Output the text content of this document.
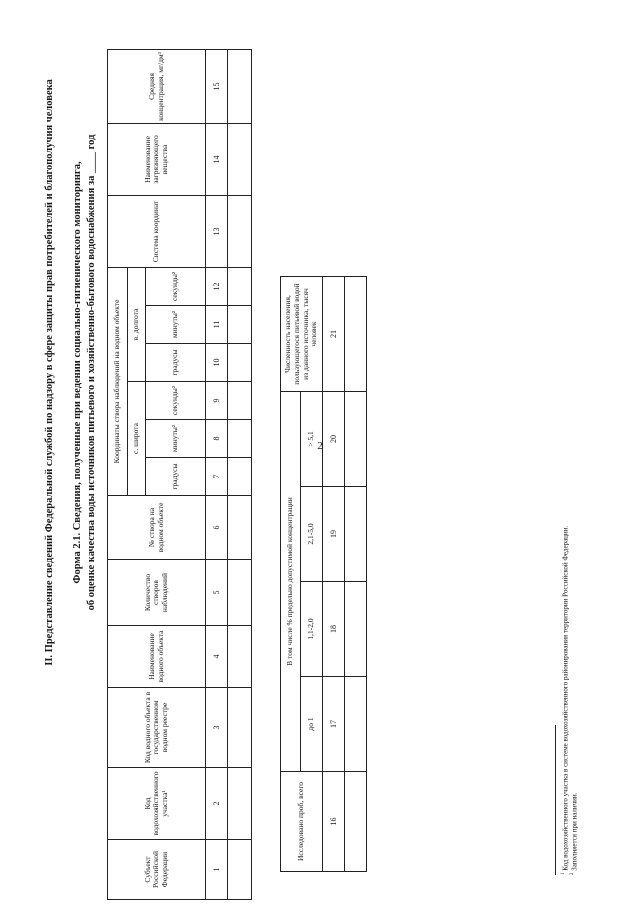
2
II. Представление сведений Федеральной службой по надзору в сфере защиты прав потребителей и благополучия человека Форма 2.1. Сведения, полученные при ведении социально-гигиенического мониторинга, об оценке качества воды источников питьевого и хозяйственно-бытового водоснабжения за ____ год
Субъект Российской Федерации	Код водохозяйственного участка¹	Код водного объекта в государственном водном реестре	Наименование водного объекта	Количество створов наблюдений	№ створа на водном объекте	Координаты створа наблюдений на водном объекте						Система координат	Наименование загрязняющего вещества	Средняя концентрация, мг/дм³
						с. широта			в. долгота					
						градусы	минуты²	секунды²	градусы	минуты²	секунды²			
1	2	3	4	5	6	7	8	9	10	11	12	13	14	15

Исследовано проб, всего	В том числе % предельно допустимой концентрации				Численность населения, пользующегося питьевой водой из данного источника, тысяч человек
	до 1	1,1-2,0	2,1-5,0	> 5,1	
16	17	18	19	20	21

$^1$ Код водохозяйственного участка в системе водохозяйственного районирования территории Российской Федерации.
$^2$ Заполняется при наличии.
